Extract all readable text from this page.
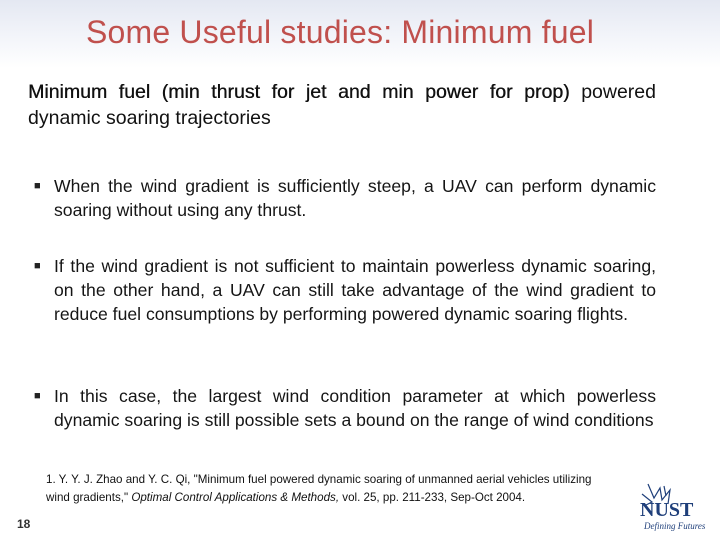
Some Useful studies: Minimum fuel
Minimum fuel (min thrust for jet and min power for prop) powered dynamic soaring trajectories
■ When the wind gradient is sufficiently steep, a UAV can perform dynamic soaring without using any thrust.
■ If the wind gradient is not sufficient to maintain powerless dynamic soaring, on the other hand, a UAV can still take advantage of the wind gradient to reduce fuel consumptions by performing powered dynamic soaring flights.
■ In this case, the largest wind condition parameter at which powerless dynamic soaring is still possible sets a bound on the range of wind conditions
1. Y. Y. J. Zhao and Y. C. Qi, "Minimum fuel powered dynamic soaring of unmanned aerial vehicles utilizing
wind gradients," Optimal Control Applications & Methods, vol. 25, pp. 211-233, Sep-Oct 2004.
18
NUST
Defining Futures
